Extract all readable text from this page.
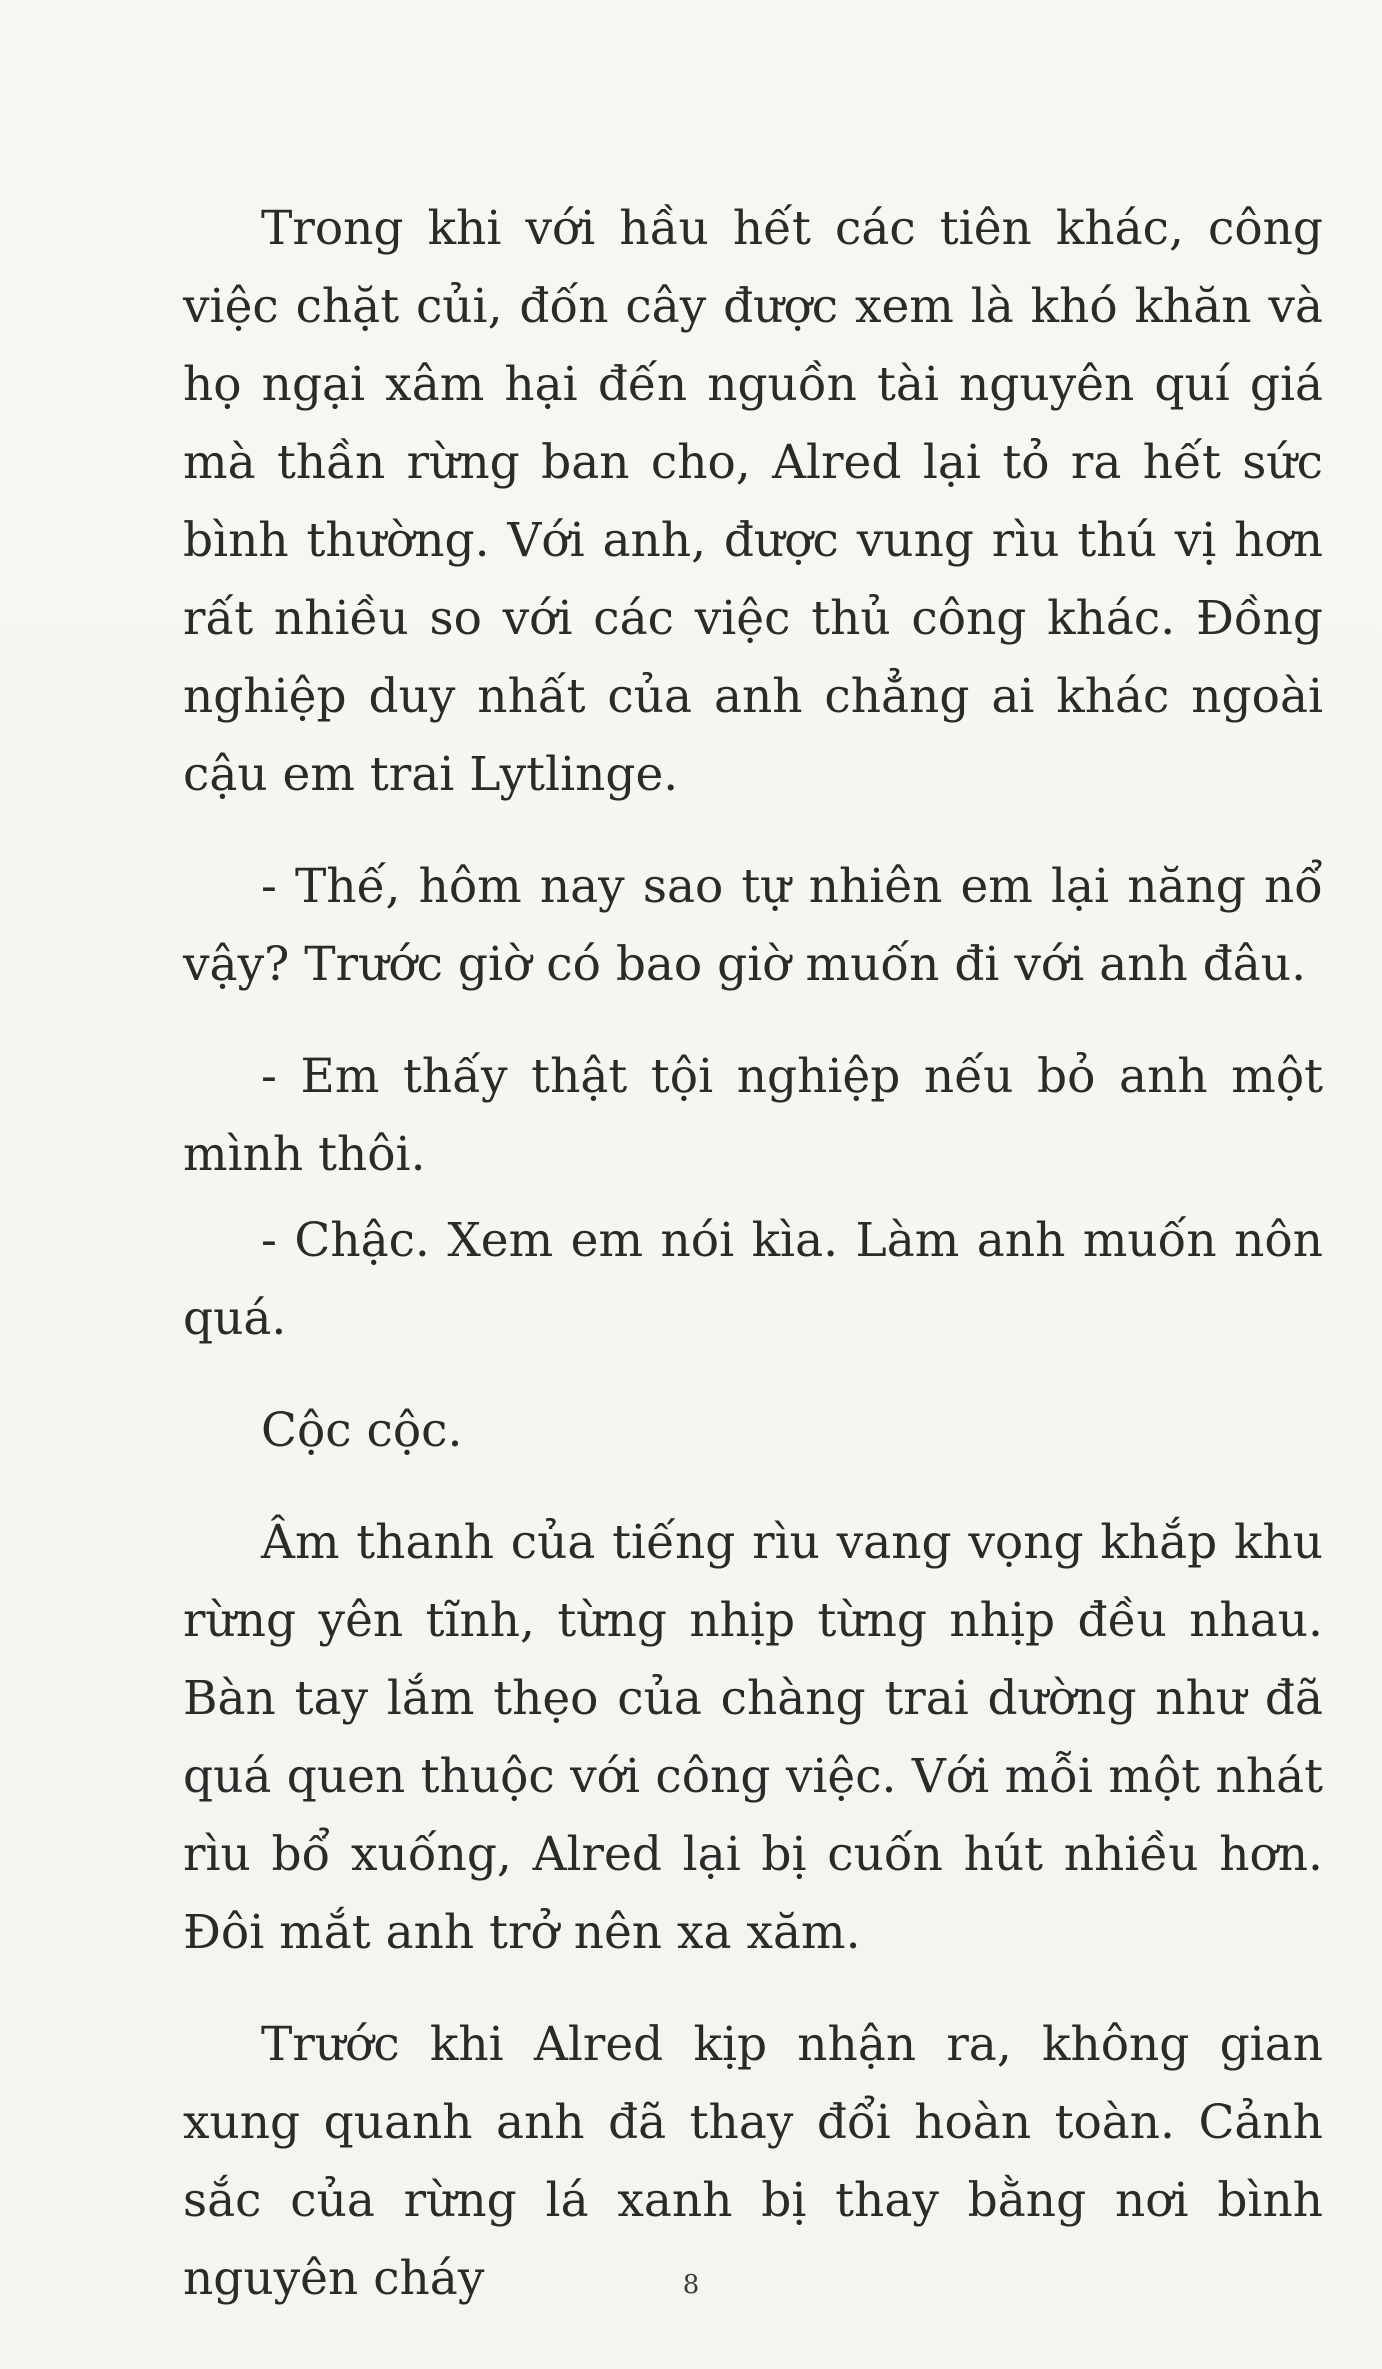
Trong khi với hầu hết các tiên khác, công việc chặt củi, đốn cây được xem là khó khăn và họ ngại xâm hại đến nguồn tài nguyên quí giá mà thần rừng ban cho, Alred lại tỏ ra hết sức bình thường. Với anh, được vung rìu thú vị hơn rất nhiều so với các việc thủ công khác. Đồng nghiệp duy nhất của anh chẳng ai khác ngoài cậu em trai Lytlinge.

- Thế, hôm nay sao tự nhiên em lại năng nổ vậy? Trước giờ có bao giờ muốn đi với anh đâu.

- Em thấy thật tội nghiệp nếu bỏ anh một mình thôi.

- Chậc. Xem em nói kìa. Làm anh muốn nôn quá.

Cộc cộc.

Âm thanh của tiếng rìu vang vọng khắp khu rừng yên tĩnh, từng nhịp từng nhịp đều nhau. Bàn tay lắm thẹo của chàng trai dường như đã quá quen thuộc với công việc. Với mỗi một nhát rìu bổ xuống, Alred lại bị cuốn hút nhiều hơn. Đôi mắt anh trở nên xa xăm.

Trước khi Alred kịp nhận ra, không gian xung quanh anh đã thay đổi hoàn toàn. Cảnh sắc của rừng lá xanh bị thay bằng nơi bình nguyên cháy	8
